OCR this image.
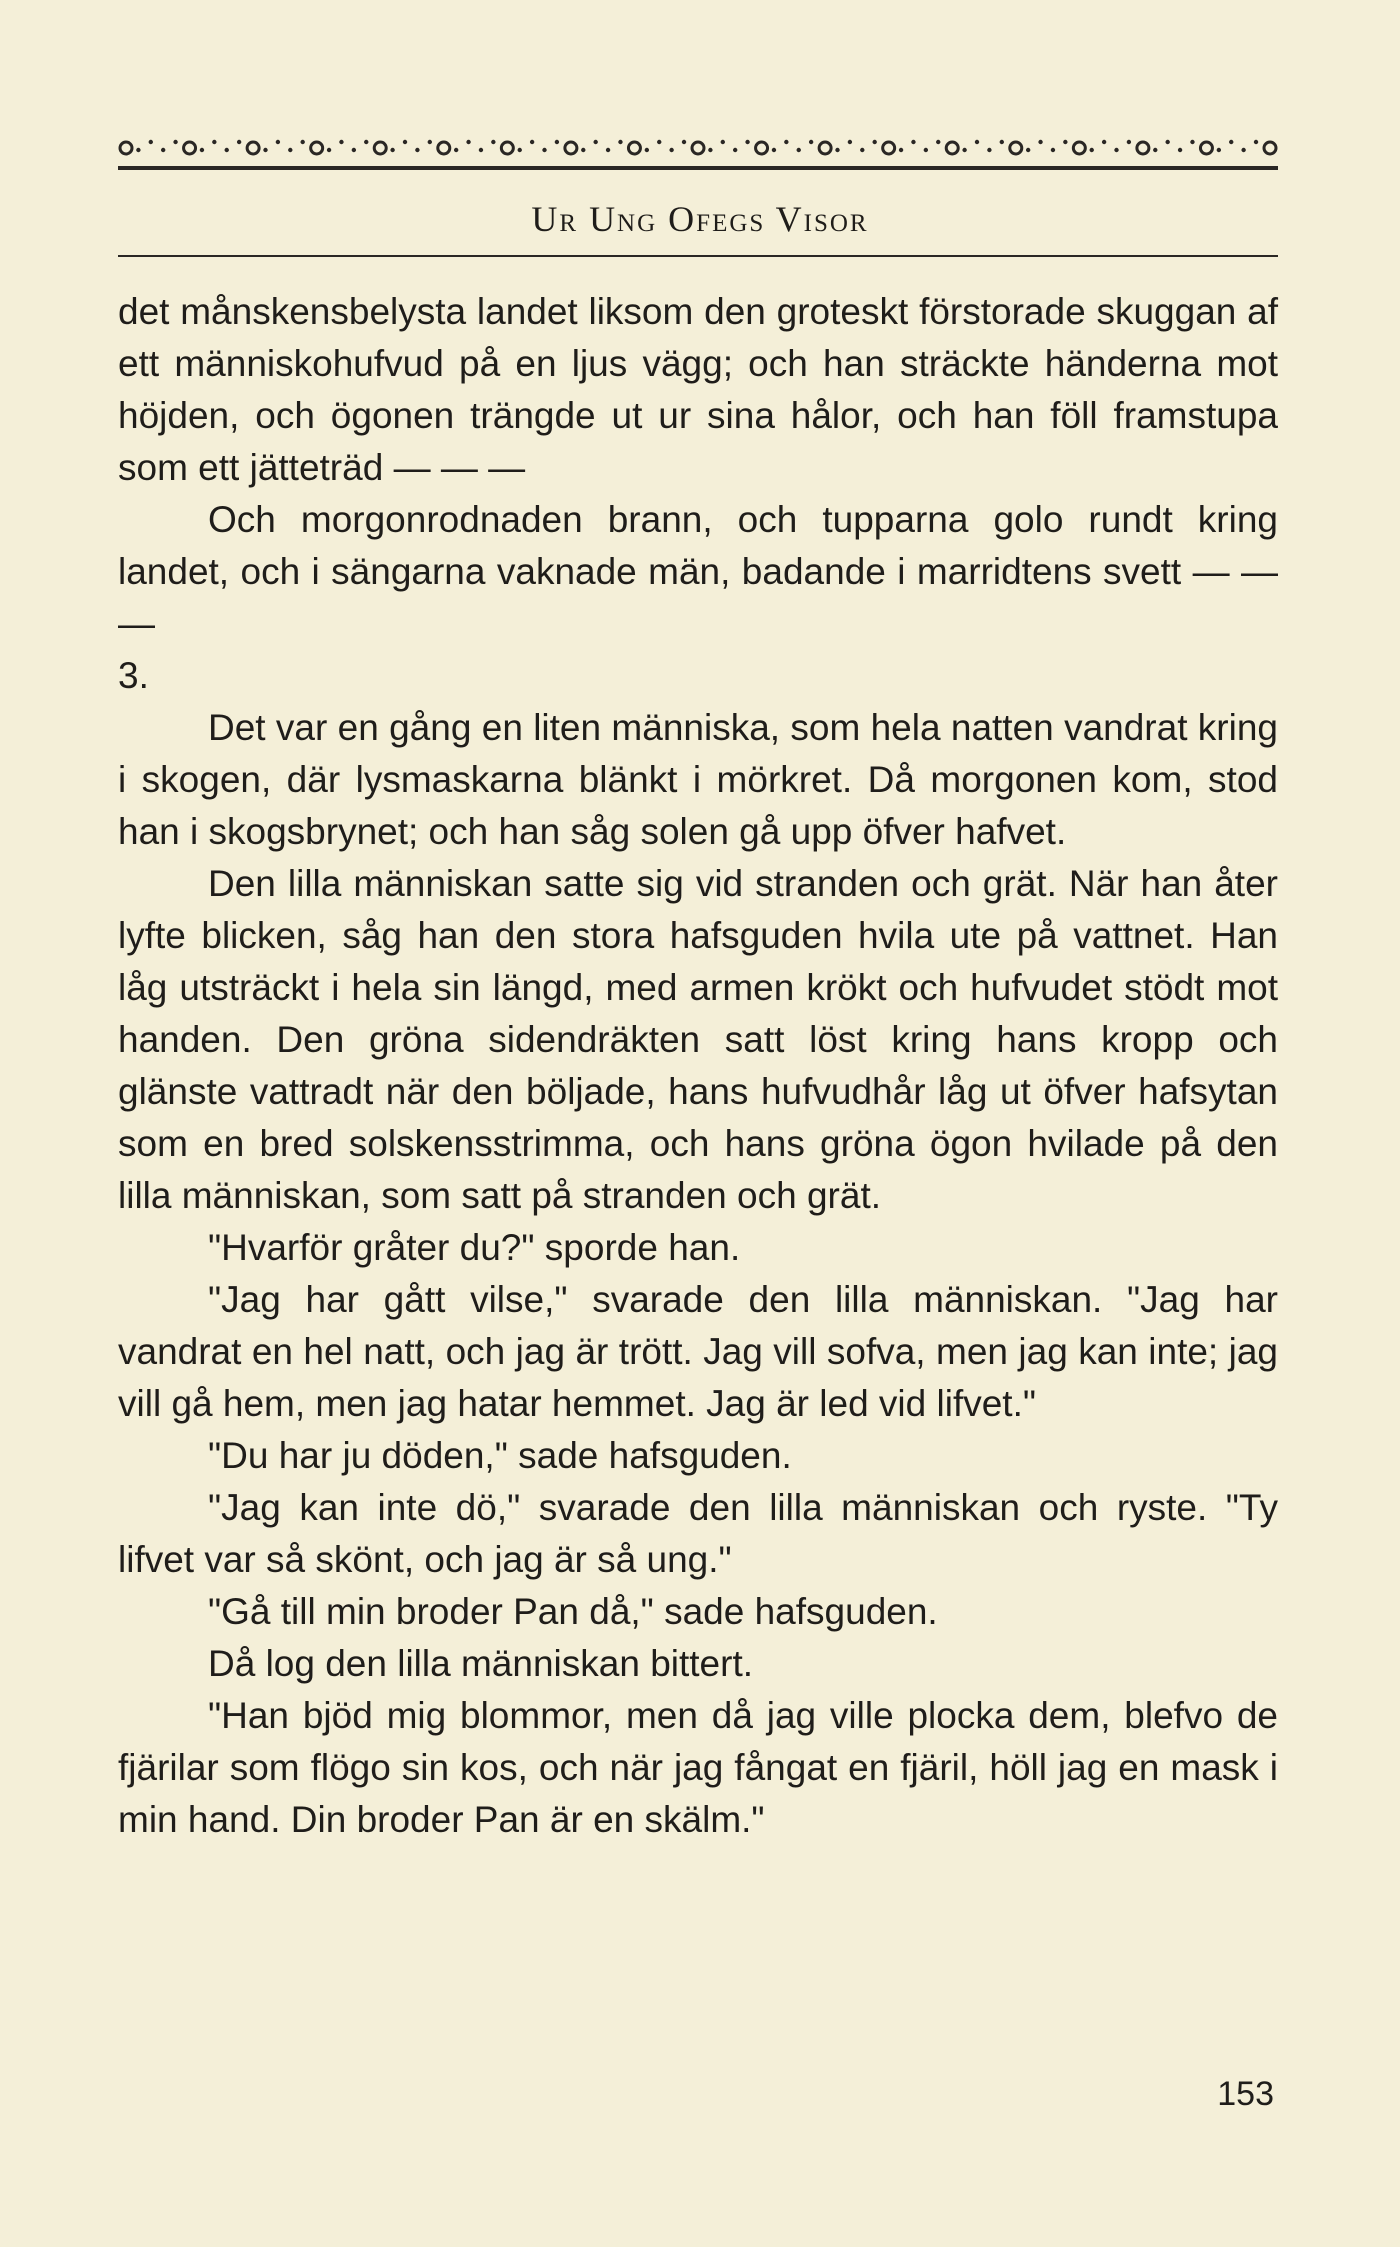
Ur Ung Ofegs Visor

det månskensbelysta landet liksom den groteskt förstorade skuggan af ett människohufvud på en ljus vägg; och han sträckte händerna mot höjden, och ögonen trängde ut ur sina hålor, och han föll framstupa som ett jätteträd — — —

Och morgonrodnaden brann, och tupparna golo rundt kring landet, och i sängarna vaknade män, badande i marridtens svett — — —

3.

Det var en gång en liten människa, som hela natten vandrat kring i skogen, där lysmaskarna blänkt i mörkret. Då morgonen kom, stod han i skogsbrynet; och han såg solen gå upp öfver hafvet.

Den lilla människan satte sig vid stranden och grät. När han åter lyfte blicken, såg han den stora hafsguden hvila ute på vattnet. Han låg utsträckt i hela sin längd, med armen krökt och hufvudet stödt mot handen. Den gröna sidendräkten satt löst kring hans kropp och glänste vattradt när den böljade, hans hufvudhår låg ut öfver hafsytan som en bred solskensstrimma, och hans gröna ögon hvilade på den lilla människan, som satt på stranden och grät.

"Hvarför gråter du?" sporde han.

"Jag har gått vilse," svarade den lilla människan. "Jag har vandrat en hel natt, och jag är trött. Jag vill sofva, men jag kan inte; jag vill gå hem, men jag hatar hemmet. Jag är led vid lifvet."

"Du har ju döden," sade hafsguden.

"Jag kan inte dö," svarade den lilla människan och ryste. "Ty lifvet var så skönt, och jag är så ung."

"Gå till min broder Pan då," sade hafsguden.

Då log den lilla människan bittert.

"Han bjöd mig blommor, men då jag ville plocka dem, blefvo de fjärilar som flögo sin kos, och när jag fångat en fjäril, höll jag en mask i min hand. Din broder Pan är en skälm."

153
